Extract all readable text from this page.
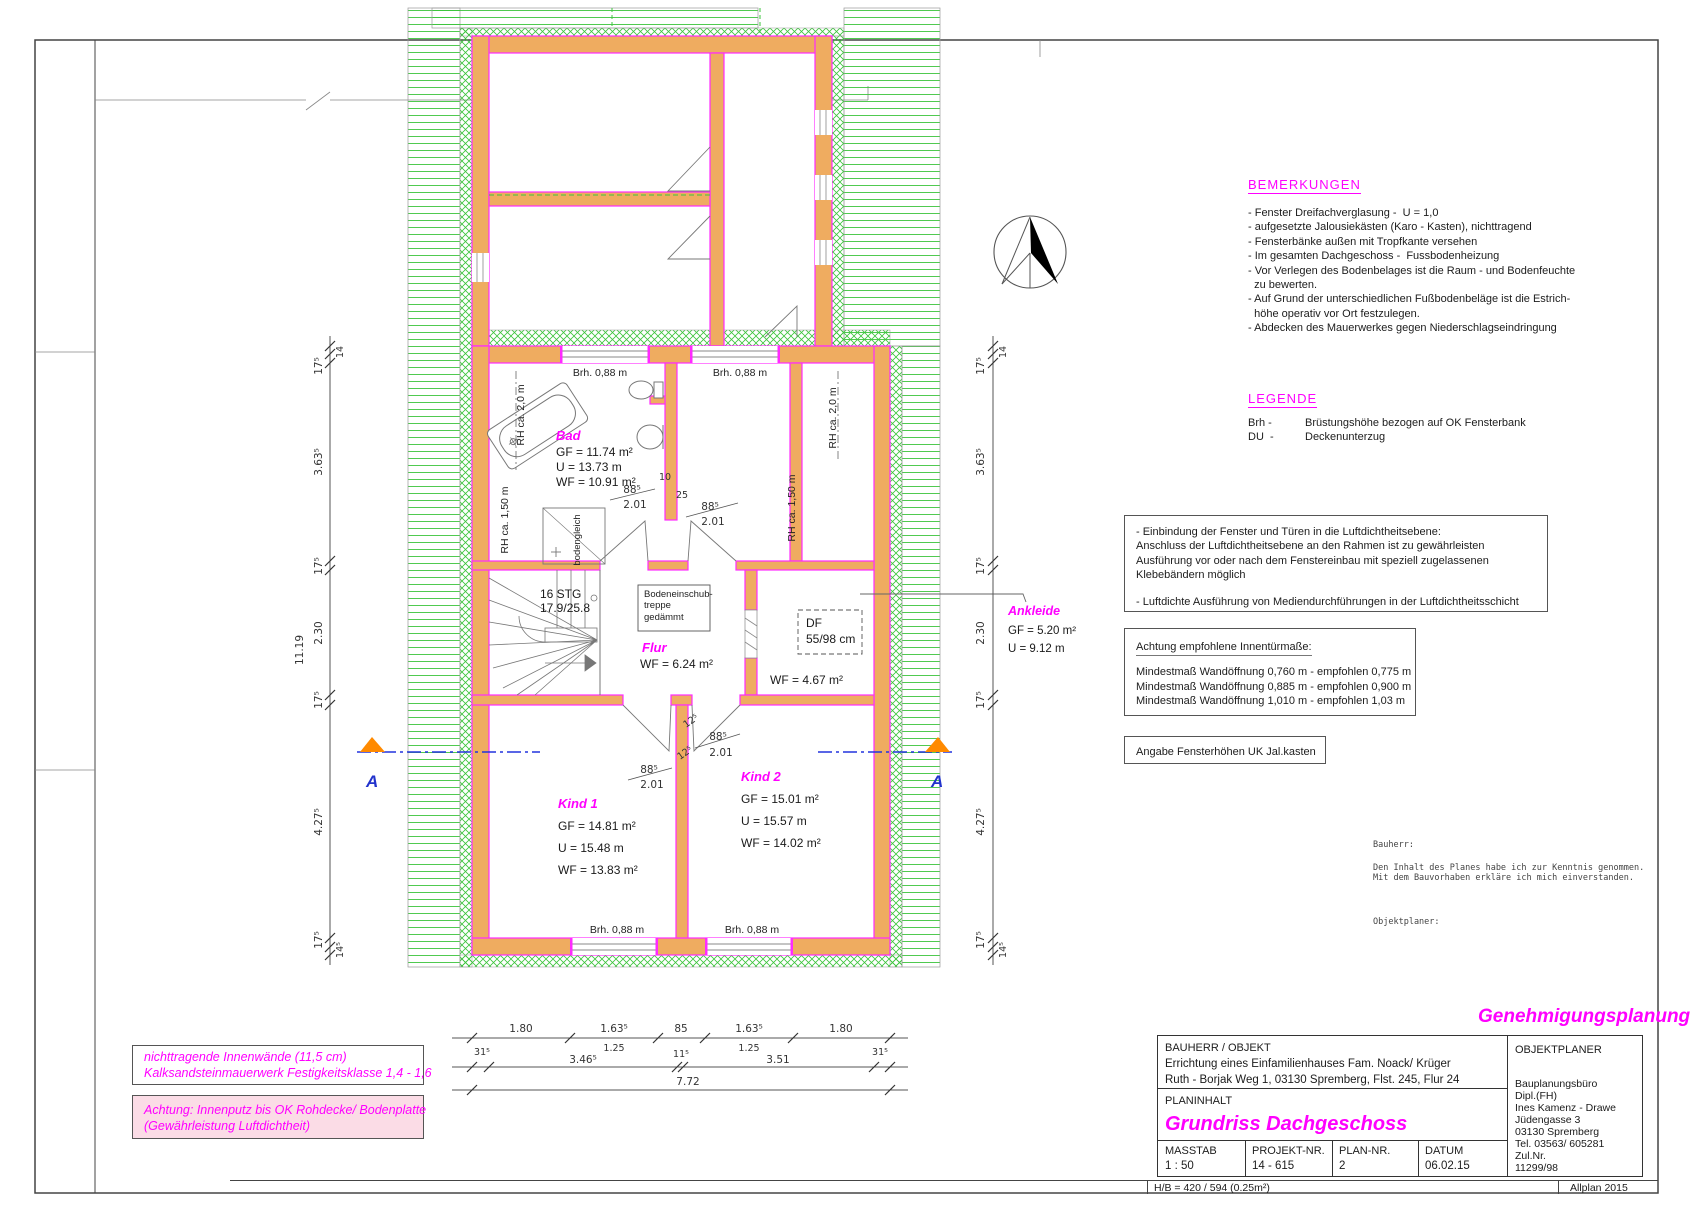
A	A
Brh. 0,88 m	Brh. 0,88 m
Brh. 0,88 m	Brh. 0,88 m
Bad
GF = 11.74 m²
U = 13.73 m
WF = 10.91 m²
RH ca. 2,0 m
RH ca. 1,50 m
RH ca. 2,0 m
RH ca. 1,50 m
bodengleich
16 STG
17.9/25.8
Bodeneinschub-
treppe
gedämmt
Flur
WF = 6.24 m²
DF
55/98 cm
WF = 4.67 m²
Kind 1
GF = 14.81 m²
U = 15.48 m
WF = 13.83 m²
Kind 2
GF = 15.01 m²
U = 15.57 m
WF = 14.02 m²
Ankleide
GF = 5.20 m²
U = 9.12 m
88⁵
2.01
10
25
88⁵
2.01
88⁵
2.01
88⁵
2.01
12⁵
12⁵
14
17⁵
3.63⁵
17⁵
2.30
17⁵
4.27⁵
17⁵
14⁵
11.19
14
17⁵
3.63⁵
17⁵
2.30
17⁵
4.27⁵
17⁵
14⁵
1.80	1.63⁵	85	1.63⁵	1.80
31⁵	1.25
11⁵
1.25	31⁵
3.46⁵	3.51
7.72
BEMERKUNGEN
- Fenster Dreifachverglasung -  U = 1,0
- aufgesetzte Jalousiekästen (Karo - Kasten), nichttragend
- Fensterbänke außen mit Tropfkante versehen
- Im gesamten Dachgeschoss -  Fussbodenheizung
- Vor Verlegen des Bodenbelages ist die Raum - und Bodenfeuchte
zu bewerten.
- Auf Grund der unterschiedlichen Fußbodenbeläge ist die Estrich-
höhe operativ vor Ort festzulegen.
- Abdecken des Mauerwerkes gegen Niederschlagseindringung
LEGENDE
Brh -	Brüstungshöhe bezogen auf OK Fensterbank
DU  -	Deckenunterzug
- Einbindung der Fenster und Türen in die Luftdichtheitsebene:
Anschluss der Luftdichtheitsebene an den Rahmen ist zu gewährleisten
Ausführung vor oder nach dem Fenstereinbau mit speziell zugelassenen
Klebebändern möglich
- Luftdichte Ausführung von Mediendurchführungen in der Luftdichtheitsschicht
Achtung empfohlene Innentürmaße:
Mindestmaß Wandöffnung 0,760 m - empfohlen 0,775 m
Mindestmaß Wandöffnung 0,885 m - empfohlen 0,900 m
Mindestmaß Wandöffnung 1,010 m - empfohlen 1,03 m
Angabe Fensterhöhen UK Jal.kasten
Bauherr:
Den Inhalt des Planes habe ich zur Kenntnis genommen.
Mit dem Bauvorhaben erkläre ich mich einverstanden.
Objektplaner:
Genehmigungsplanung
BAUHERR / OBJEKT
Errichtung eines Einfamilienhauses Fam. Noack/ Krüger
Ruth - Borjak Weg 1, 03130 Spremberg, Flst. 245, Flur 24
PLANINHALT
Grundriss Dachgeschoss
MASSTAB
1 : 50
PROJEKT-NR.
14 - 615
PLAN-NR.
2
DATUM
06.02.15
OBJEKTPLANER
Bauplanungsbüro
Dipl.(FH)
Ines Kamenz - Drawe
Jüdengasse 3
03130 Spremberg
Tel. 03563/ 605281
Zul.Nr.
11299/98
H/B = 420 / 594 (0.25m²)	Allplan 2015
nichttragende Innenwände (11,5 cm)
Kalksandsteinmauerwerk Festigkeitsklasse 1,4 - 1,6
Achtung: Innenputz bis OK Rohdecke/ Bodenplatte
(Gewährleistung Luftdichtheit)
